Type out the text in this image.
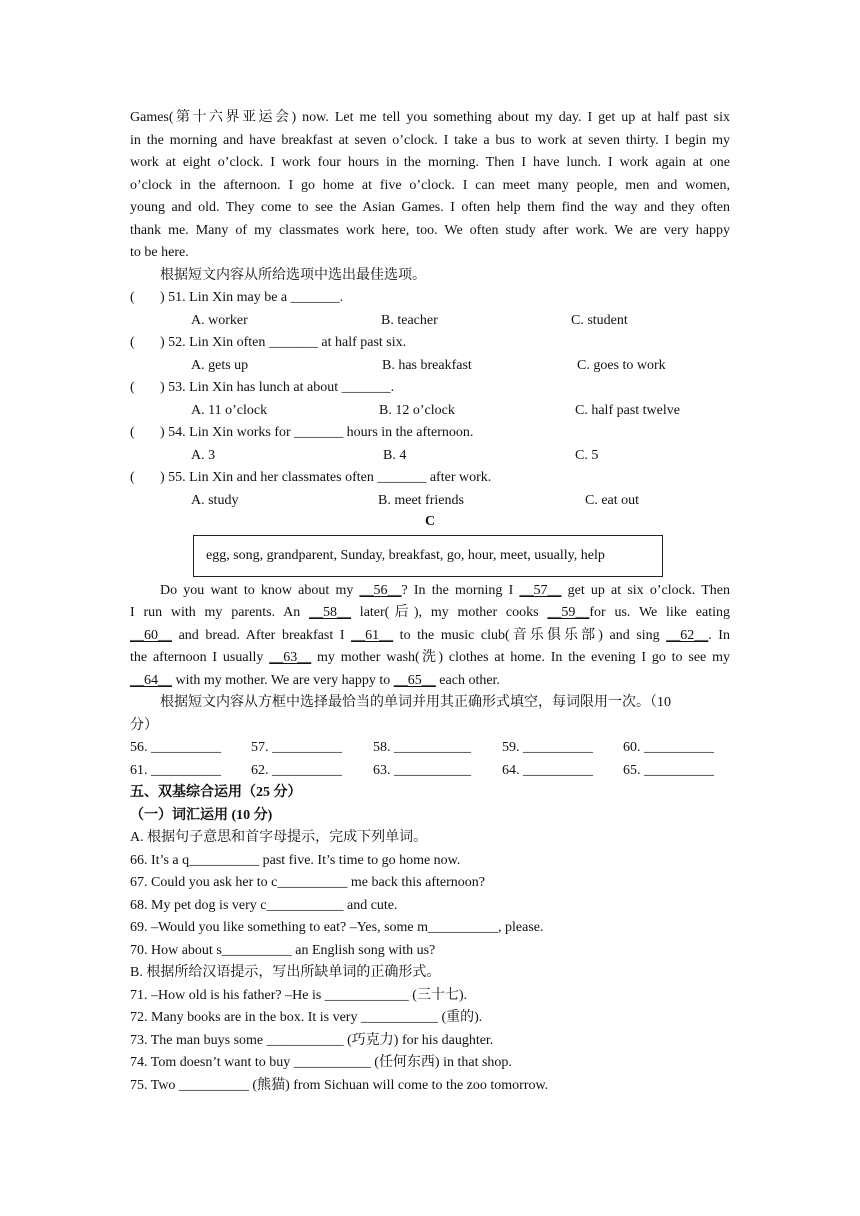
Games(第十六界亚运会) now. Let me tell you something about my day. I get up at half past six
in the morning and have breakfast at seven o’clock. I take a bus to work at seven thirty. I begin my
work at eight o’clock. I work four hours in the morning. Then I have lunch. I work again at one
o’clock in the afternoon. I go home at five o’clock. I can meet many people, men and women,
young and old. They come to see the Asian Games. I often help them find the way and they often
thank me. Many of my classmates work here, too. We often study after work. We are very happy
to be here.
根据短文内容从所给选项中选出最佳选项。
( ) 51. Lin Xin may be a _______.
A. worker	B. teacher	C. student
( ) 52. Lin Xin often _______ at half past six.
A. gets up	B. has breakfast	C. goes to work
( ) 53. Lin Xin has lunch at about _______.
A. 11 o’clock	B. 12 o’clock	C. half past twelve
( ) 54. Lin Xin works for _______ hours in the afternoon.
A. 3	B. 4	C. 5
( ) 55. Lin Xin and her classmates often _______ after work.
A. study	B. meet friends	C. eat out
C
egg, song, grandparent, Sunday, breakfast, go, hour, meet, usually, help
Do you want to know about my __56__? In the morning I __57__ get up at six o’clock. Then
I run with my parents. An __58__ later(后), my mother cooks __59__for us. We like eating
__60__ and bread. After breakfast I __61__ to the music club(音乐俱乐部) and sing __62__. In
the afternoon I usually __63__ my mother wash(洗) clothes at home. In the evening I go to see my
__64__ with my mother. We are very happy to __65__ each other.
根据短文内容从方框中选择最恰当的单词并用其正确形式填空，每词限用一次。（10
分）
56. __________ 57. __________ 58. ___________ 59. __________ 60. __________
61. __________ 62. __________ 63. ___________ 64. __________ 65. __________
五、双基综合运用（25 分）
（一）词汇运用 (10 分)
A. 根据句子意思和首字母提示，完成下列单词。
66. It’s a q__________ past five. It’s time to go home now.
67. Could you ask her to c__________ me back this afternoon?
68. My pet dog is very c___________ and cute.
69. –Would you like something to eat? –Yes, some m__________, please.
70. How about s__________ an English song with us?
B. 根据所给汉语提示，写出所缺单词的正确形式。
71. –How old is his father? –He is ____________ (三十七).
72. Many books are in the box. It is very ___________ (重的).
73. The man buys some ___________ (巧克力) for his daughter.
74. Tom doesn’t want to buy ___________ (任何东西) in that shop.
75. Two __________ (熊猫) from Sichuan will come to the zoo tomorrow.
